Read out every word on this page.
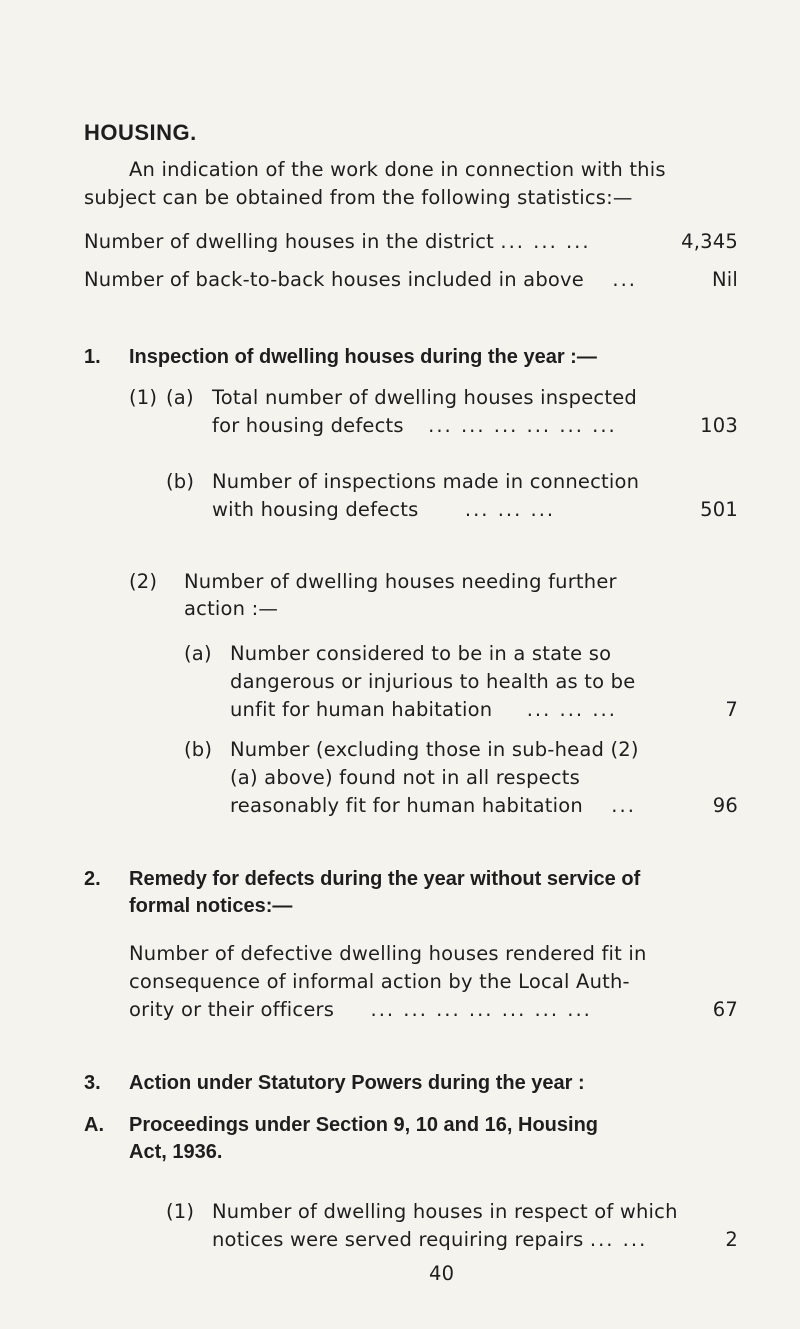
HOUSING.
An indication of the work done in connection with this
subject can be obtained from the following statistics:—
Number of dwelling houses in the district ... ... ...	4,345
Number of back-to-back houses included in above ...	Nil
1. Inspection of dwelling houses during the year :—
(1) (a) Total number of dwelling houses inspected
for housing defects ... ... ... ... ... ...	103
(b) Number of inspections made in connection
with housing defects ... ... ...	501
(2) Number of dwelling houses needing further
action :—
(a) Number considered to be in a state so
dangerous or injurious to health as to be
unfit for human habitation ... ... ...	7
(b) Number (excluding those in sub-head (2)
(a) above) found not in all respects
reasonably fit for human habitation ...	96
2. Remedy for defects during the year without service of
formal notices:—
Number of defective dwelling houses rendered fit in
consequence of informal action by the Local Auth-
ority or their officers ... ... ... ... ... ... ...	67
3. Action under Statutory Powers during the year :
A. Proceedings under Section 9, 10 and 16, Housing
Act, 1936.
(1) Number of dwelling houses in respect of which
notices were served requiring repairs ... ...	2
40
